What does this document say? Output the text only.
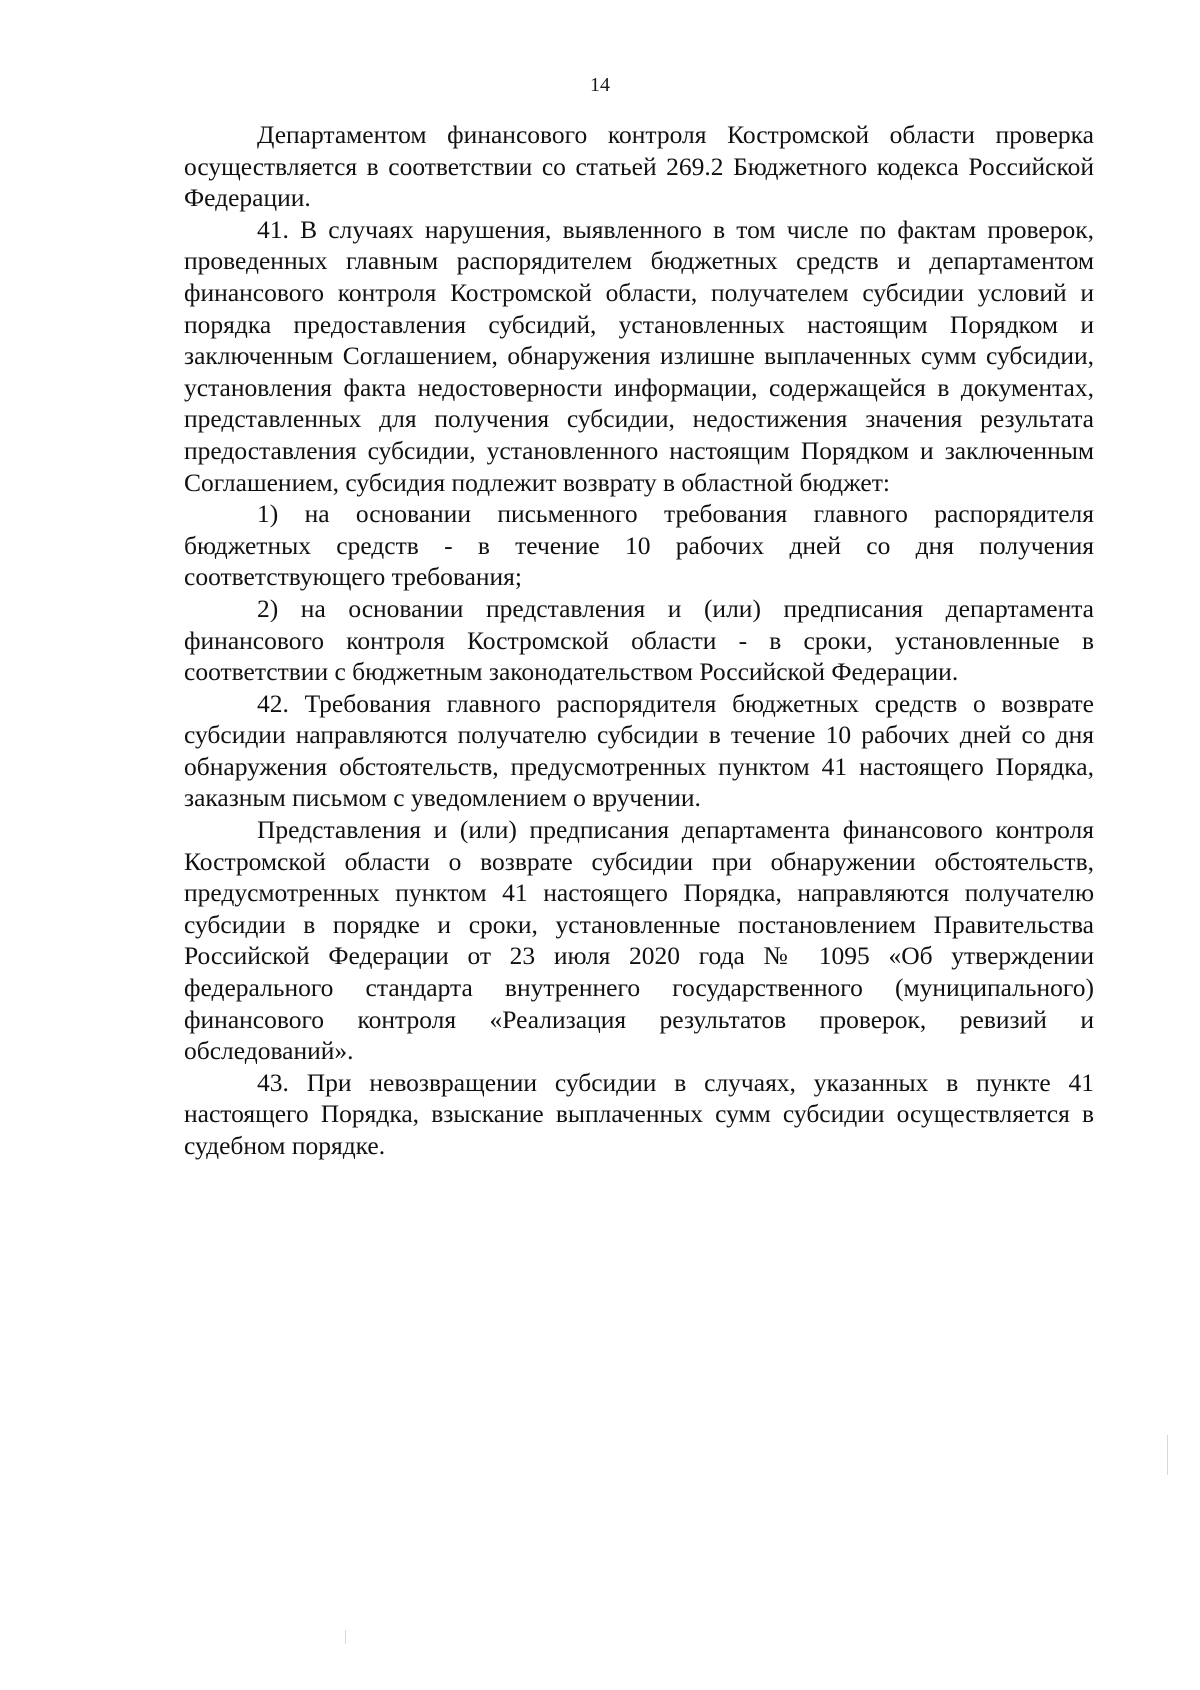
14

Департаментом финансового контроля Костромской области проверка осуществляется в соответствии со статьей 269.2 Бюджетного кодекса Российской Федерации.

41. В случаях нарушения, выявленного в том числе по фактам проверок, проведенных главным распорядителем бюджетных средств и департаментом финансового контроля Костромской области, получателем субсидии условий и порядка предоставления субсидий, установленных настоящим Порядком и заключенным Соглашением, обнаружения излишне выплаченных сумм субсидии, установления факта недостоверности информации, содержащейся в документах, представленных для получения субсидии, недостижения значения результата предоставления субсидии, установленного настоящим Порядком и заключенным Соглашением, субсидия подлежит возврату в областной бюджет:

1) на основании письменного требования главного распорядителя бюджетных средств - в течение 10 рабочих дней со дня получения соответствующего требования;

2) на основании представления и (или) предписания департамента финансового контроля Костромской области - в сроки, установленные в соответствии с бюджетным законодательством Российской Федерации.

42. Требования главного распорядителя бюджетных средств о возврате субсидии направляются получателю субсидии в течение 10 рабочих дней со дня обнаружения обстоятельств, предусмотренных пунктом 41 настоящего Порядка, заказным письмом с уведомлением о вручении.

Представления и (или) предписания департамента финансового контроля Костромской области о возврате субсидии при обнаружении обстоятельств, предусмотренных пунктом 41 настоящего Порядка, направляются получателю субсидии в порядке и сроки, установленные постановлением Правительства Российской Федерации от 23 июля 2020 года № 1095 «Об утверждении федерального стандарта внутреннего государственного (муниципального) финансового контроля «Реализация результатов проверок, ревизий и обследований».

43. При невозвращении субсидии в случаях, указанных в пункте 41 настоящего Порядка, взыскание выплаченных сумм субсидии осуществляется в судебном порядке.
